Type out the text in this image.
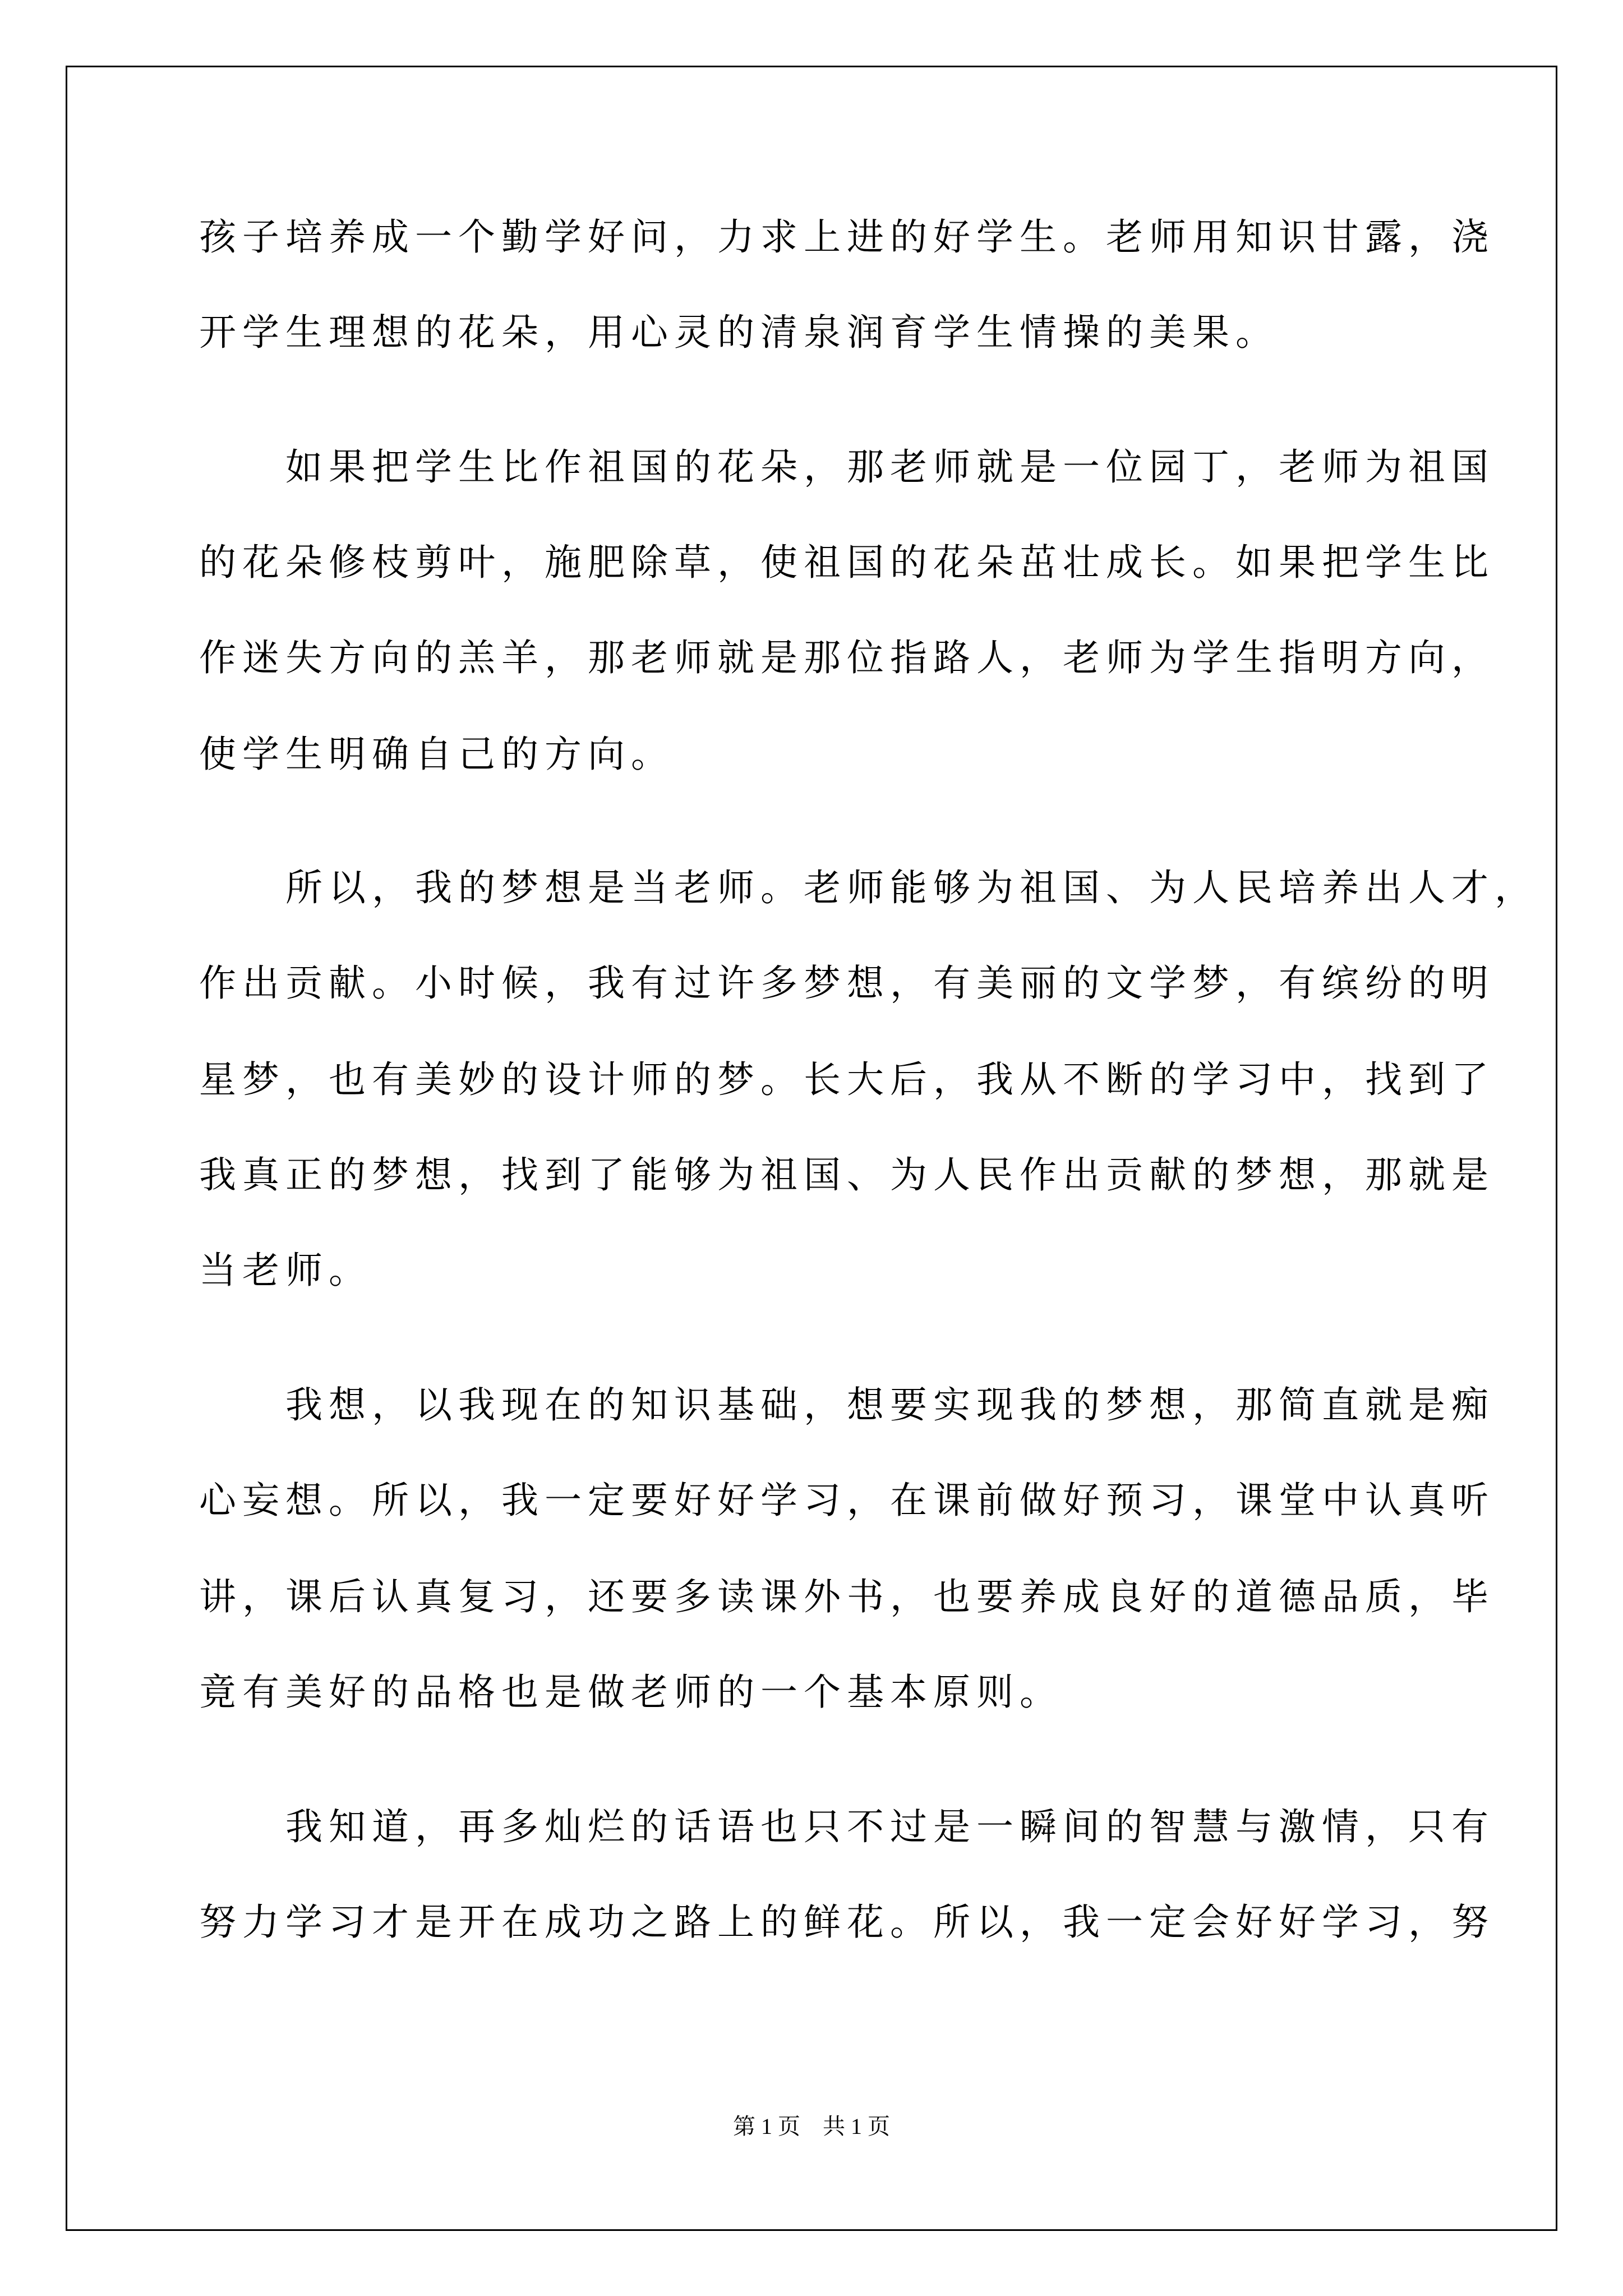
孩子培养成一个勤学好问，力求上进的好学生。老师用知识甘露，浇
开学生理想的花朵，用心灵的清泉润育学生情操的美果。
　　如果把学生比作祖国的花朵，那老师就是一位园丁，老师为祖国
的花朵修枝剪叶，施肥除草，使祖国的花朵茁壮成长。如果把学生比
作迷失方向的羔羊，那老师就是那位指路人，老师为学生指明方向，
使学生明确自己的方向。
　　所以，我的梦想是当老师。老师能够为祖国、为人民培养出人才，
作出贡献。小时候，我有过许多梦想，有美丽的文学梦，有缤纷的明
星梦，也有美妙的设计师的梦。长大后，我从不断的学习中，找到了
我真正的梦想，找到了能够为祖国、为人民作出贡献的梦想，那就是
当老师。
　　我想，以我现在的知识基础，想要实现我的梦想，那简直就是痴
心妄想。所以，我一定要好好学习，在课前做好预习，课堂中认真听
讲，课后认真复习，还要多读课外书，也要养成良好的道德品质，毕
竟有美好的品格也是做老师的一个基本原则。
　　我知道，再多灿烂的话语也只不过是一瞬间的智慧与激情，只有
努力学习才是开在成功之路上的鲜花。所以，我一定会好好学习，努
第 1 页　共 1 页
